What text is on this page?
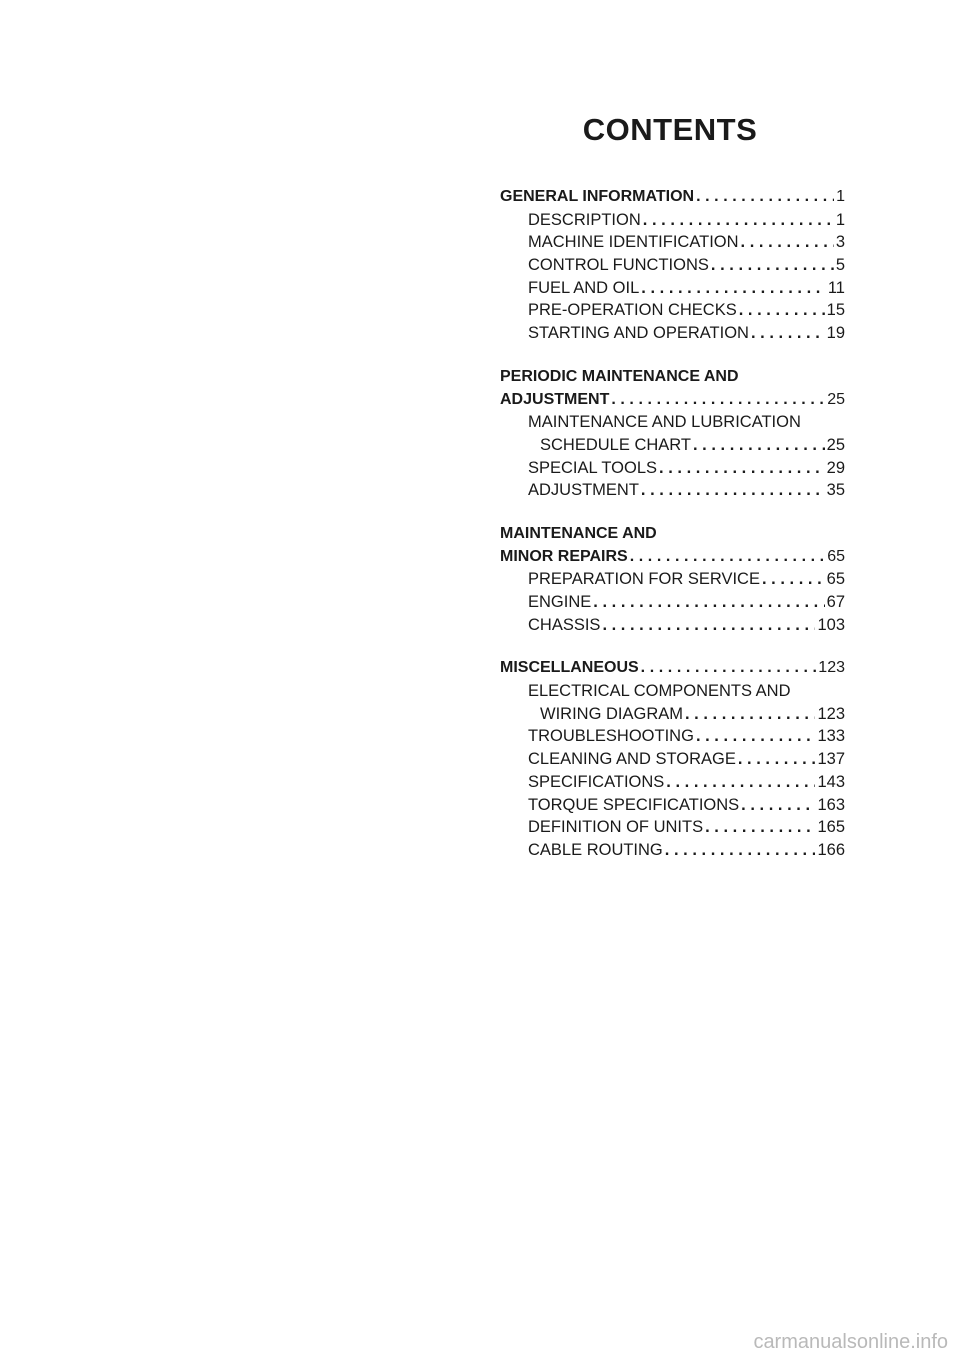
CONTENTS
GENERAL INFORMATION .....	1
DESCRIPTION .....	1
MACHINE IDENTIFICATION .....	3
CONTROL FUNCTIONS .....	5
FUEL AND OIL .....	11
PRE-OPERATION CHECKS .....	15
STARTING AND OPERATION .....	19
PERIODIC MAINTENANCE AND
ADJUSTMENT .....	25
MAINTENANCE AND LUBRICATION
SCHEDULE CHART .....	25
SPECIAL TOOLS .....	29
ADJUSTMENT .....	35
MAINTENANCE AND
MINOR REPAIRS .....	65
PREPARATION FOR SERVICE .....	65
ENGINE .....	67
CHASSIS .....	103
MISCELLANEOUS .....	123
ELECTRICAL COMPONENTS AND
WIRING DIAGRAM .....	123
TROUBLESHOOTING .....	133
CLEANING AND STORAGE .....	137
SPECIFICATIONS .....	143
TORQUE SPECIFICATIONS .....	163
DEFINITION OF UNITS .....	165
CABLE ROUTING .....	166
carmanualsonline.info
